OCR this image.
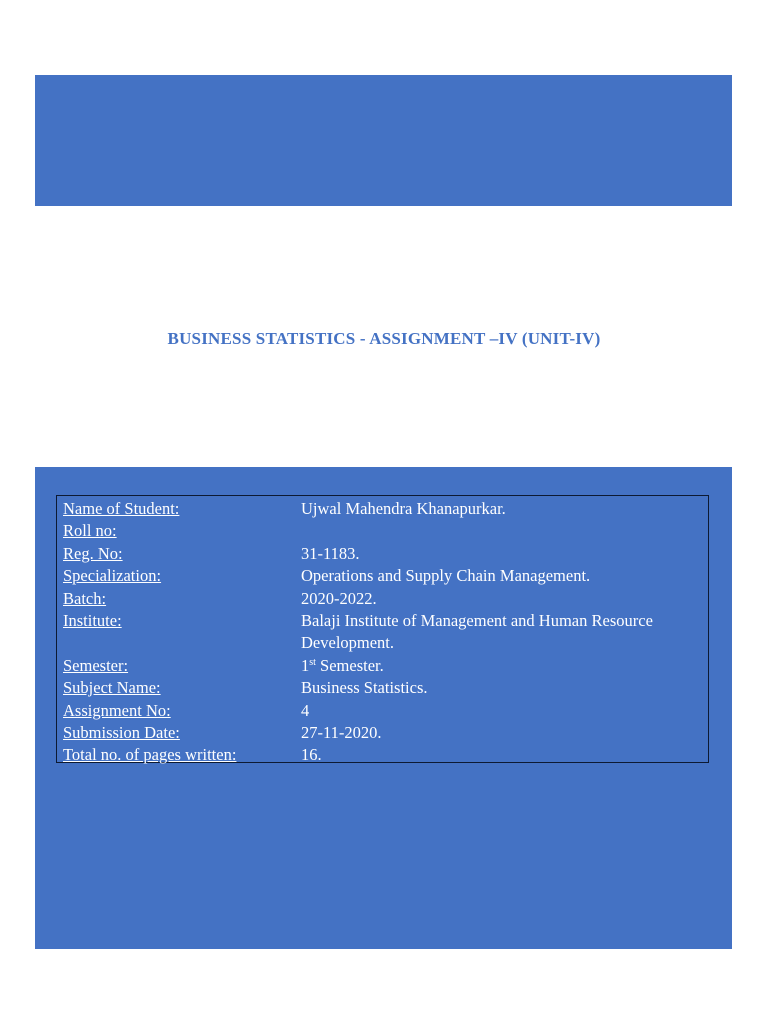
BUSINESS STATISTICS - ASSIGNMENT –IV (UNIT-IV)
Name of Student:	Ujwal Mahendra Khanapurkar.
Roll no:	
Reg. No:	31-1183.
Specialization:	Operations and Supply Chain Management.
Batch:	2020-2022.
Institute:	Balaji Institute of Management and Human Resource Development.
Semester:	1st Semester.
Subject Name:	Business Statistics.
Assignment No:	4
Submission Date:	27-11-2020.
Total no. of pages written:	16.
